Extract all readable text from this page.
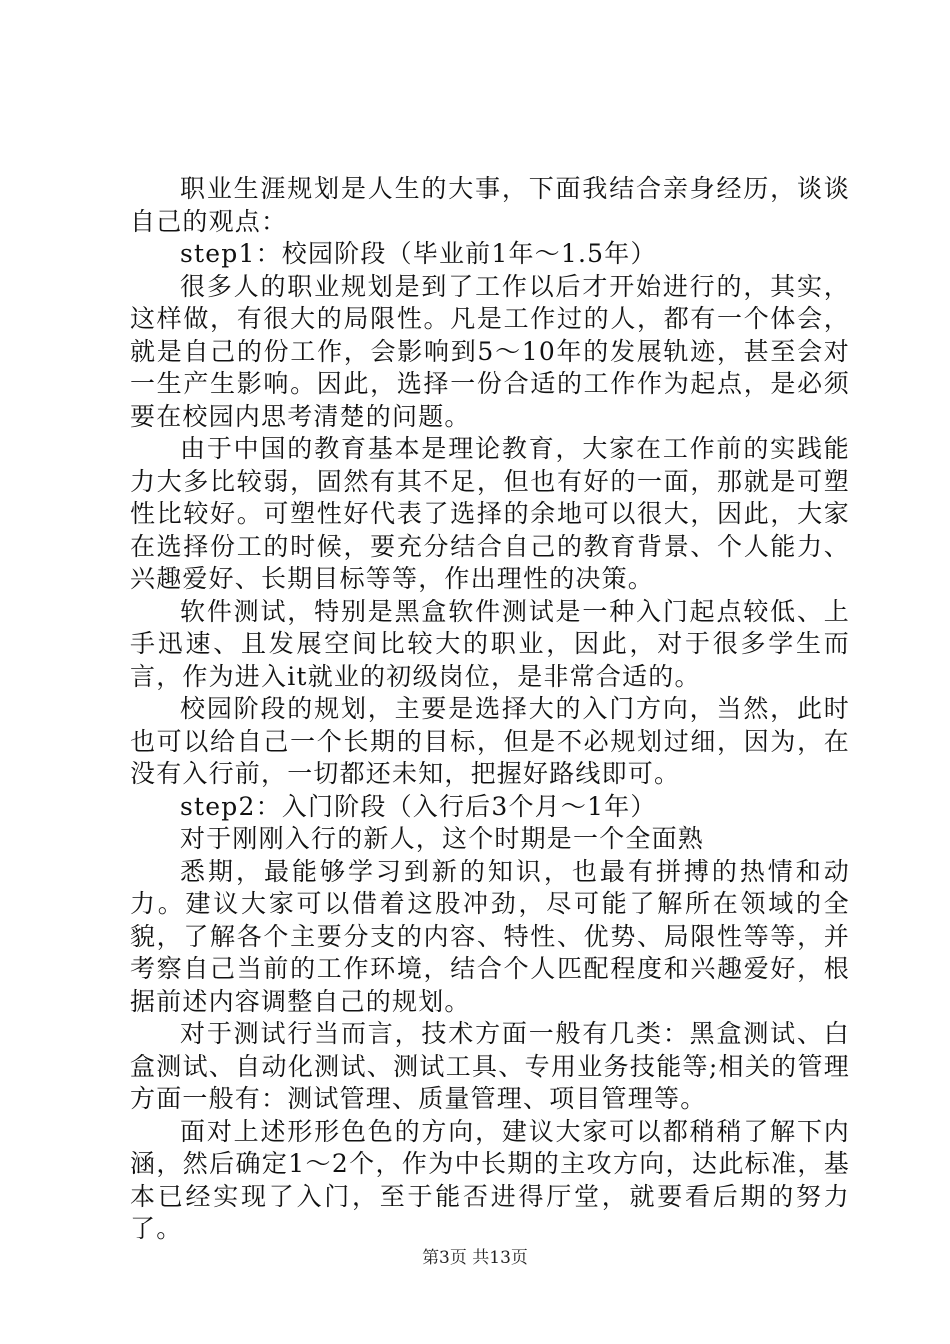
职业生涯规划是人生的大事，下面我结合亲身经历，谈谈自己的观点：

step1：校园阶段（毕业前1年～1.5年）

很多人的职业规划是到了工作以后才开始进行的，其实，这样做，有很大的局限性。凡是工作过的人，都有一个体会，就是自己的份工作，会影响到5～10年的发展轨迹，甚至会对一生产生影响。因此，选择一份合适的工作作为起点，是必须要在校园内思考清楚的问题。

由于中国的教育基本是理论教育，大家在工作前的实践能力大多比较弱，固然有其不足，但也有好的一面，那就是可塑性比较好。可塑性好代表了选择的余地可以很大，因此，大家在选择份工的时候，要充分结合自己的教育背景、个人能力、兴趣爱好、长期目标等等，作出理性的决策。

软件测试，特别是黑盒软件测试是一种入门起点较低、上手迅速、且发展空间比较大的职业，因此，对于很多学生而言，作为进入it就业的初级岗位，是非常合适的。

校园阶段的规划，主要是选择大的入门方向，当然，此时也可以给自己一个长期的目标，但是不必规划过细，因为，在没有入行前，一切都还未知，把握好路线即可。

step2：入门阶段（入行后3个月～1年）

对于刚刚入行的新人，这个时期是一个全面熟

悉期，最能够学习到新的知识，也最有拼搏的热情和动力。建议大家可以借着这股冲劲，尽可能了解所在领域的全貌，了解各个主要分支的内容、特性、优势、局限性等等，并考察自己当前的工作环境，结合个人匹配程度和兴趣爱好，根据前述内容调整自己的规划。

对于测试行当而言，技术方面一般有几类：黑盒测试、白盒测试、自动化测试、测试工具、专用业务技能等;相关的管理方面一般有：测试管理、质量管理、项目管理等。

面对上述形形色色的方向，建议大家可以都稍稍了解下内涵，然后确定1～2个，作为中长期的主攻方向，达此标准，基本已经实现了入门，至于能否进得厅堂，就要看后期的努力了。

第3页 共13页
